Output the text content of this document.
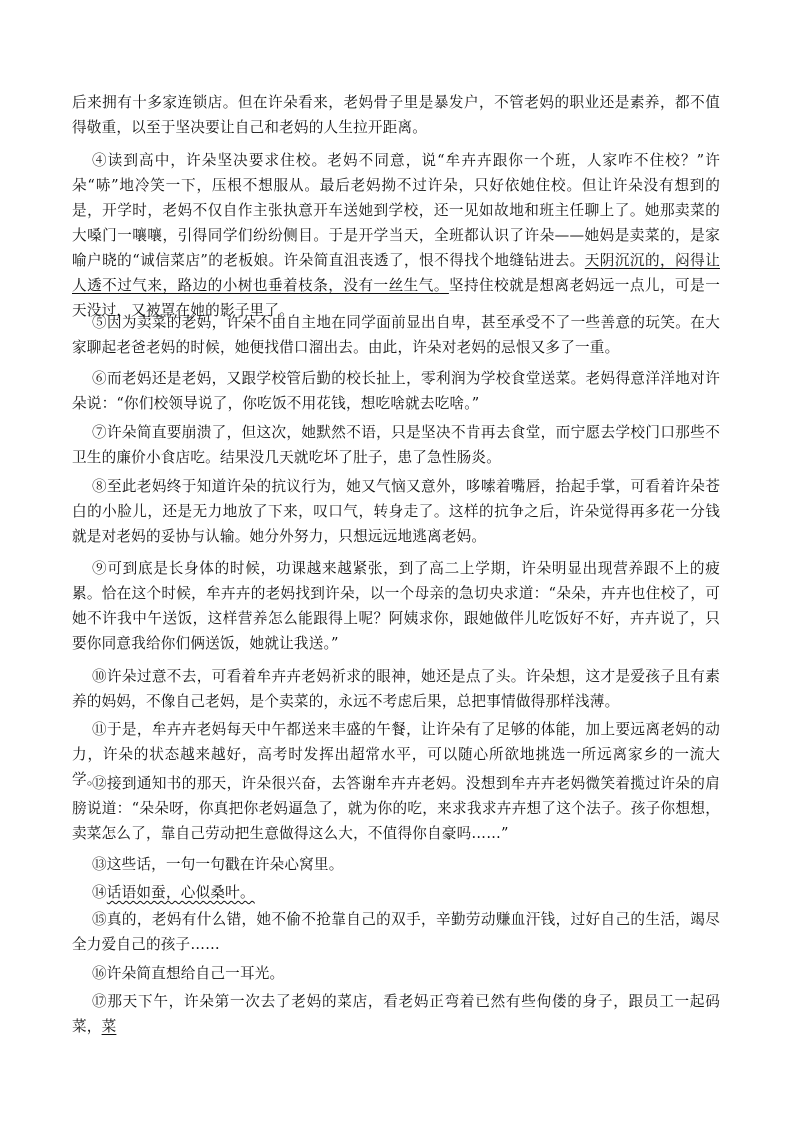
后来拥有十多家连锁店。但在许朵看来，老妈骨子里是暴发户，不管老妈的职业还是素养，都不值得敬重，以至于坚决要让自己和老妈的人生拉开距离。

④读到高中，许朵坚决要求住校。老妈不同意，说“牟卉卉跟你一个班，人家咋不住校？”许朵“哧”地冷笑一下，压根不想服从。最后老妈拗不过许朵，只好依她住校。但让许朵没有想到的是，开学时，老妈不仅自作主张执意开车送她到学校，还一见如故地和班主任聊上了。她那卖菜的大嗓门一嚷嚷，引得同学们纷纷侧目。于是开学当天，全班都认识了许朵——她妈是卖菜的，是家喻户晓的“诚信菜店”的老板娘。许朵简直沮丧透了，恨不得找个地缝钻进去。天阴沉沉的，闷得让人透不过气来，路边的小树也垂着枝条，没有一丝生气。坚持住校就是想离老妈远一点儿，可是一天没过，又被罩在她的影子里了。

⑤因为卖菜的老妈，许朵不由自主地在同学面前显出自卑，甚至承受不了一些善意的玩笑。在大家聊起老爸老妈的时候，她便找借口溜出去。由此，许朵对老妈的忌恨又多了一重。

⑥而老妈还是老妈，又跟学校管后勤的校长扯上，零利润为学校食堂送菜。老妈得意洋洋地对许朵说：“你们校领导说了，你吃饭不用花钱，想吃啥就去吃啥。”

⑦许朵简直要崩溃了，但这次，她默然不语，只是坚决不肯再去食堂，而宁愿去学校门口那些不卫生的廉价小食店吃。结果没几天就吃坏了肚子，患了急性肠炎。

⑧至此老妈终于知道许朵的抗议行为，她又气恼又意外，哆嗦着嘴唇，抬起手掌，可看着许朵苍白的小脸儿，还是无力地放了下来，叹口气，转身走了。这样的抗争之后，许朵觉得再多花一分钱就是对老妈的妥协与认输。她分外努力，只想远远地逃离老妈。

⑨可到底是长身体的时候，功课越来越紧张，到了高二上学期，许朵明显出现营养跟不上的疲累。恰在这个时候，牟卉卉的老妈找到许朵，以一个母亲的急切央求道：“朵朵，卉卉也住校了，可她不许我中午送饭，这样营养怎么能跟得上呢？阿姨求你，跟她做伴儿吃饭好不好，卉卉说了，只要你同意我给你们俩送饭，她就让我送。”

⑩许朵过意不去，可看着牟卉卉老妈祈求的眼神，她还是点了头。许朵想，这才是爱孩子且有素养的妈妈，不像自己老妈，是个卖菜的，永远不考虑后果，总把事情做得那样浅薄。

⑪于是，牟卉卉老妈每天中午都送来丰盛的午餐，让许朵有了足够的体能，加上要远离老妈的动力，许朵的状态越来越好，高考时发挥出超常水平，可以随心所欲地挑选一所远离家乡的一流大学。

⑫接到通知书的那天，许朵很兴奋，去答谢牟卉卉老妈。没想到牟卉卉老妈微笑着揽过许朵的肩膀说道：“朵朵呀，你真把你老妈逼急了，就为你的吃，来求我求卉卉想了这个法子。孩子你想想，卖菜怎么了，靠自己劳动把生意做得这么大，不值得你自豪吗……”

⑬这些话，一句一句戳在许朵心窝里。

⑭话语如蚕，心似桑叶。

⑮真的，老妈有什么错，她不偷不抢靠自己的双手，辛勤劳动赚血汗钱，过好自己的生活，竭尽全力爱自己的孩子……

⑯许朵简直想给自己一耳光。

⑰那天下午，许朵第一次去了老妈的菜店，看老妈正弯着已然有些佝偻的身子，跟员工一起码菜，菜
